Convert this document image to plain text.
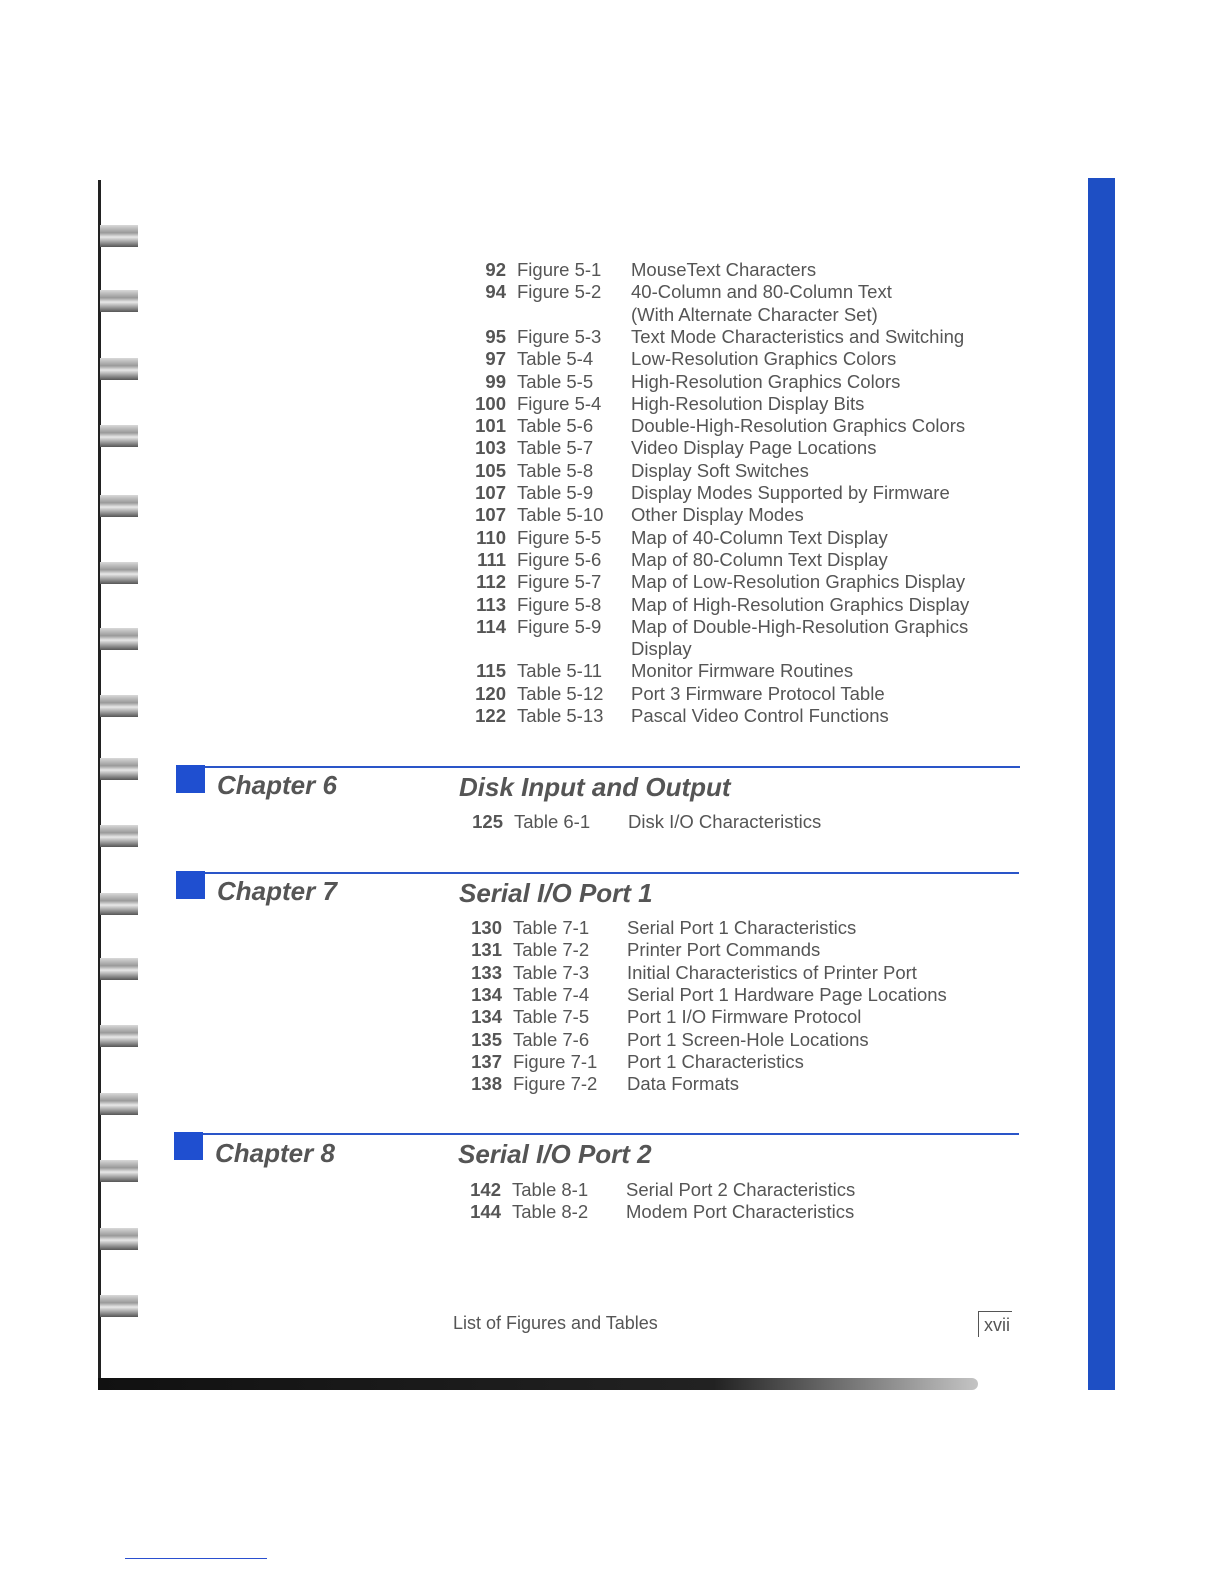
92 Figure 5-1 MouseText Characters
94 Figure 5-2 40-Column and 80-Column Text
(With Alternate Character Set)
95 Figure 5-3 Text Mode Characteristics and Switching
97 Table 5-4 Low-Resolution Graphics Colors
99 Table 5-5 High-Resolution Graphics Colors
100 Figure 5-4 High-Resolution Display Bits
101 Table 5-6 Double-High-Resolution Graphics Colors
103 Table 5-7 Video Display Page Locations
105 Table 5-8 Display Soft Switches
107 Table 5-9 Display Modes Supported by Firmware
107 Table 5-10 Other Display Modes
110 Figure 5-5 Map of 40-Column Text Display
111 Figure 5-6 Map of 80-Column Text Display
112 Figure 5-7 Map of Low-Resolution Graphics Display
113 Figure 5-8 Map of High-Resolution Graphics Display
114 Figure 5-9 Map of Double-High-Resolution Graphics
Display
115 Table 5-11 Monitor Firmware Routines
120 Table 5-12 Port 3 Firmware Protocol Table
122 Table 5-13 Pascal Video Control Functions
Chapter 6	Disk Input and Output
125 Table 6-1 Disk I/O Characteristics
Chapter 7	Serial I/O Port 1
130 Table 7-1 Serial Port 1 Characteristics
131 Table 7-2 Printer Port Commands
133 Table 7-3 Initial Characteristics of Printer Port
134 Table 7-4 Serial Port 1 Hardware Page Locations
134 Table 7-5 Port 1 I/O Firmware Protocol
135 Table 7-6 Port 1 Screen-Hole Locations
137 Figure 7-1 Port 1 Characteristics
138 Figure 7-2 Data Formats
Chapter 8	Serial I/O Port 2
142 Table 8-1 Serial Port 2 Characteristics
144 Table 8-2 Modem Port Characteristics
List of Figures and Tables	xvii
